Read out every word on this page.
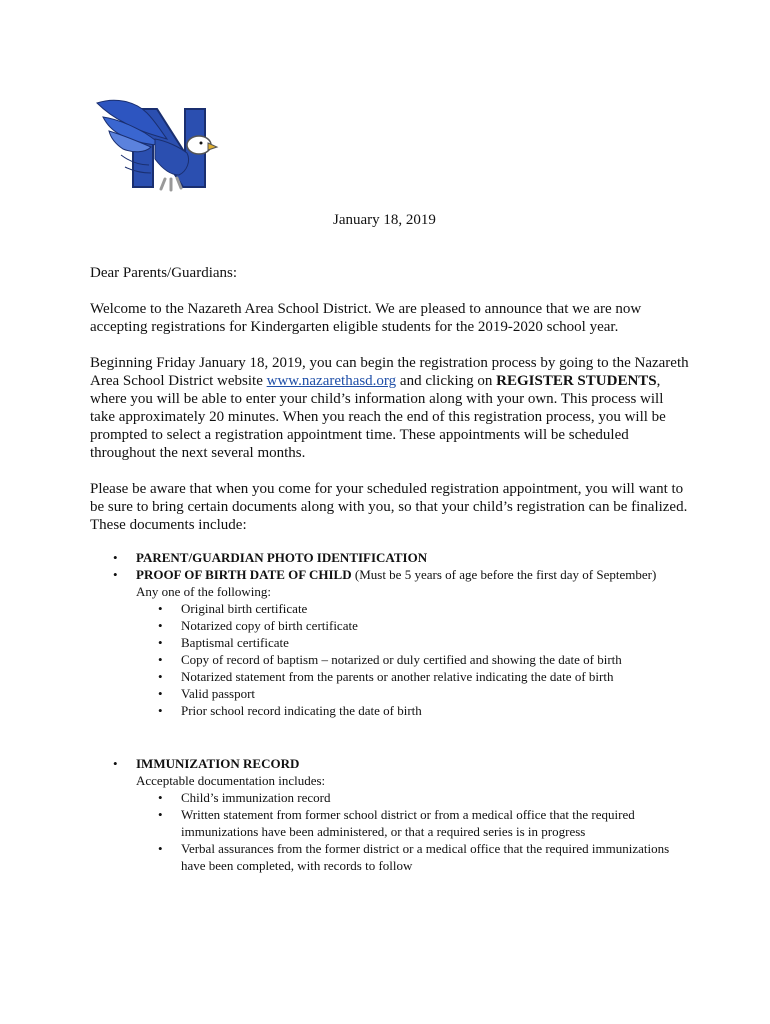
January 18, 2019
Dear Parents/Guardians:
Welcome to the Nazareth Area School District. We are pleased to announce that we are now accepting registrations for Kindergarten eligible students for the 2019-2020 school year.
Beginning Friday January 18, 2019, you can begin the registration process by going to the Nazareth Area School District website www.nazarethasd.org and clicking on REGISTER STUDENTS, where you will be able to enter your child’s information along with your own. This process will take approximately 20 minutes. When you reach the end of this registration process, you will be prompted to select a registration appointment time. These appointments will be scheduled throughout the next several months.
Please be aware that when you come for your scheduled registration appointment, you will want to be sure to bring certain documents along with you, so that your child’s registration can be finalized. These documents include:
• PARENT/GUARDIAN PHOTO IDENTIFICATION
• PROOF OF BIRTH DATE OF CHILD (Must be 5 years of age before the first day of September)
Any one of the following:
• Original birth certificate
• Notarized copy of birth certificate
• Baptismal certificate
• Copy of record of baptism – notarized or duly certified and showing the date of birth
• Notarized statement from the parents or another relative indicating the date of birth
• Valid passport
• Prior school record indicating the date of birth
• IMMUNIZATION RECORD
Acceptable documentation includes:
• Child’s immunization record
• Written statement from former school district or from a medical office that the required immunizations have been administered, or that a required series is in progress
• Verbal assurances from the former district or a medical office that the required immunizations have been completed, with records to follow
